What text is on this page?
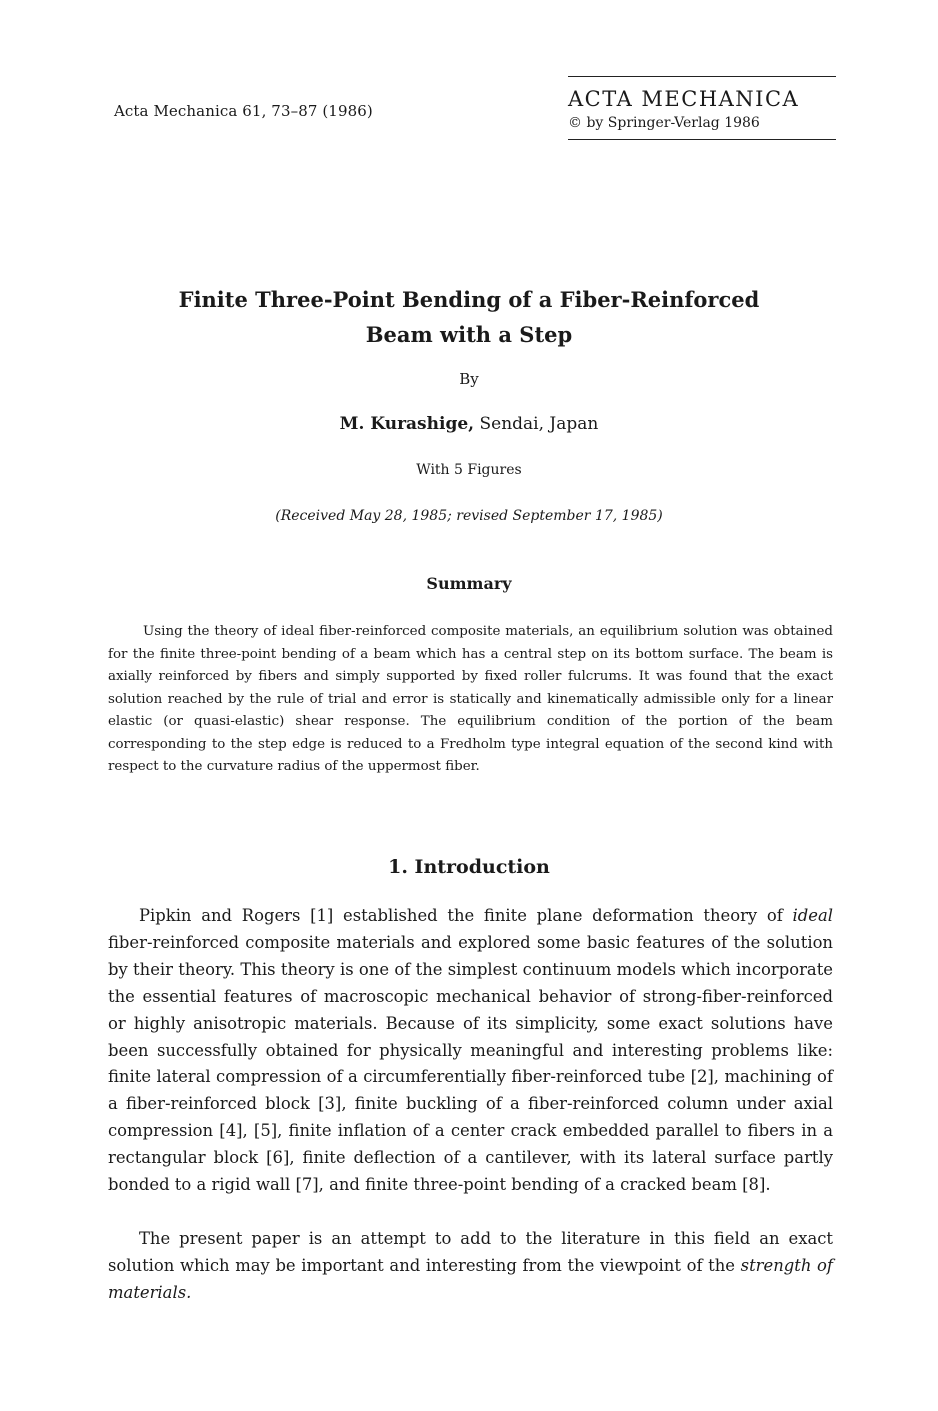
Acta Mechanica 61, 73–87 (1986)	ACTA MECHANICA
© by Springer-Verlag 1986
Finite Three-Point Bending of a Fiber-Reinforced
Beam with a Step
By
M. Kurashige, Sendai, Japan
With 5 Figures
(Received May 28, 1985; revised September 17, 1985)
Summary

Using the theory of ideal fiber-reinforced composite materials, an equilibrium solution was obtained for the finite three-point bending of a beam which has a central step on its bottom surface. The beam is axially reinforced by fibers and simply supported by fixed roller fulcrums. It was found that the exact solution reached by the rule of trial and error is statically and kinematically admissible only for a linear elastic (or quasi-elastic) shear response. The equilibrium condition of the portion of the beam corresponding to the step edge is reduced to a Fredholm type integral equation of the second kind with respect to the curvature radius of the uppermost fiber.

1. Introduction

Pipkin and Rogers [1] established the finite plane deformation theory of ideal fiber-reinforced composite materials and explored some basic features of the solution by their theory. This theory is one of the simplest continuum models which incorporate the essential features of macroscopic mechanical behavior of strong-fiber-reinforced or highly anisotropic materials. Because of its simplicity, some exact solutions have been successfully obtained for physically meaningful and interesting problems like: finite lateral compression of a circumferentially fiber-reinforced tube [2], machining of a fiber-reinforced block [3], finite buckling of a fiber-reinforced column under axial compression [4], [5], finite inflation of a center crack embedded parallel to fibers in a rectangular block [6], finite deflection of a cantilever, with its lateral surface partly bonded to a rigid wall [7], and finite three-point bending of a cracked beam [8].

The present paper is an attempt to add to the literature in this field an exact solution which may be important and interesting from the viewpoint of the strength of materials.
